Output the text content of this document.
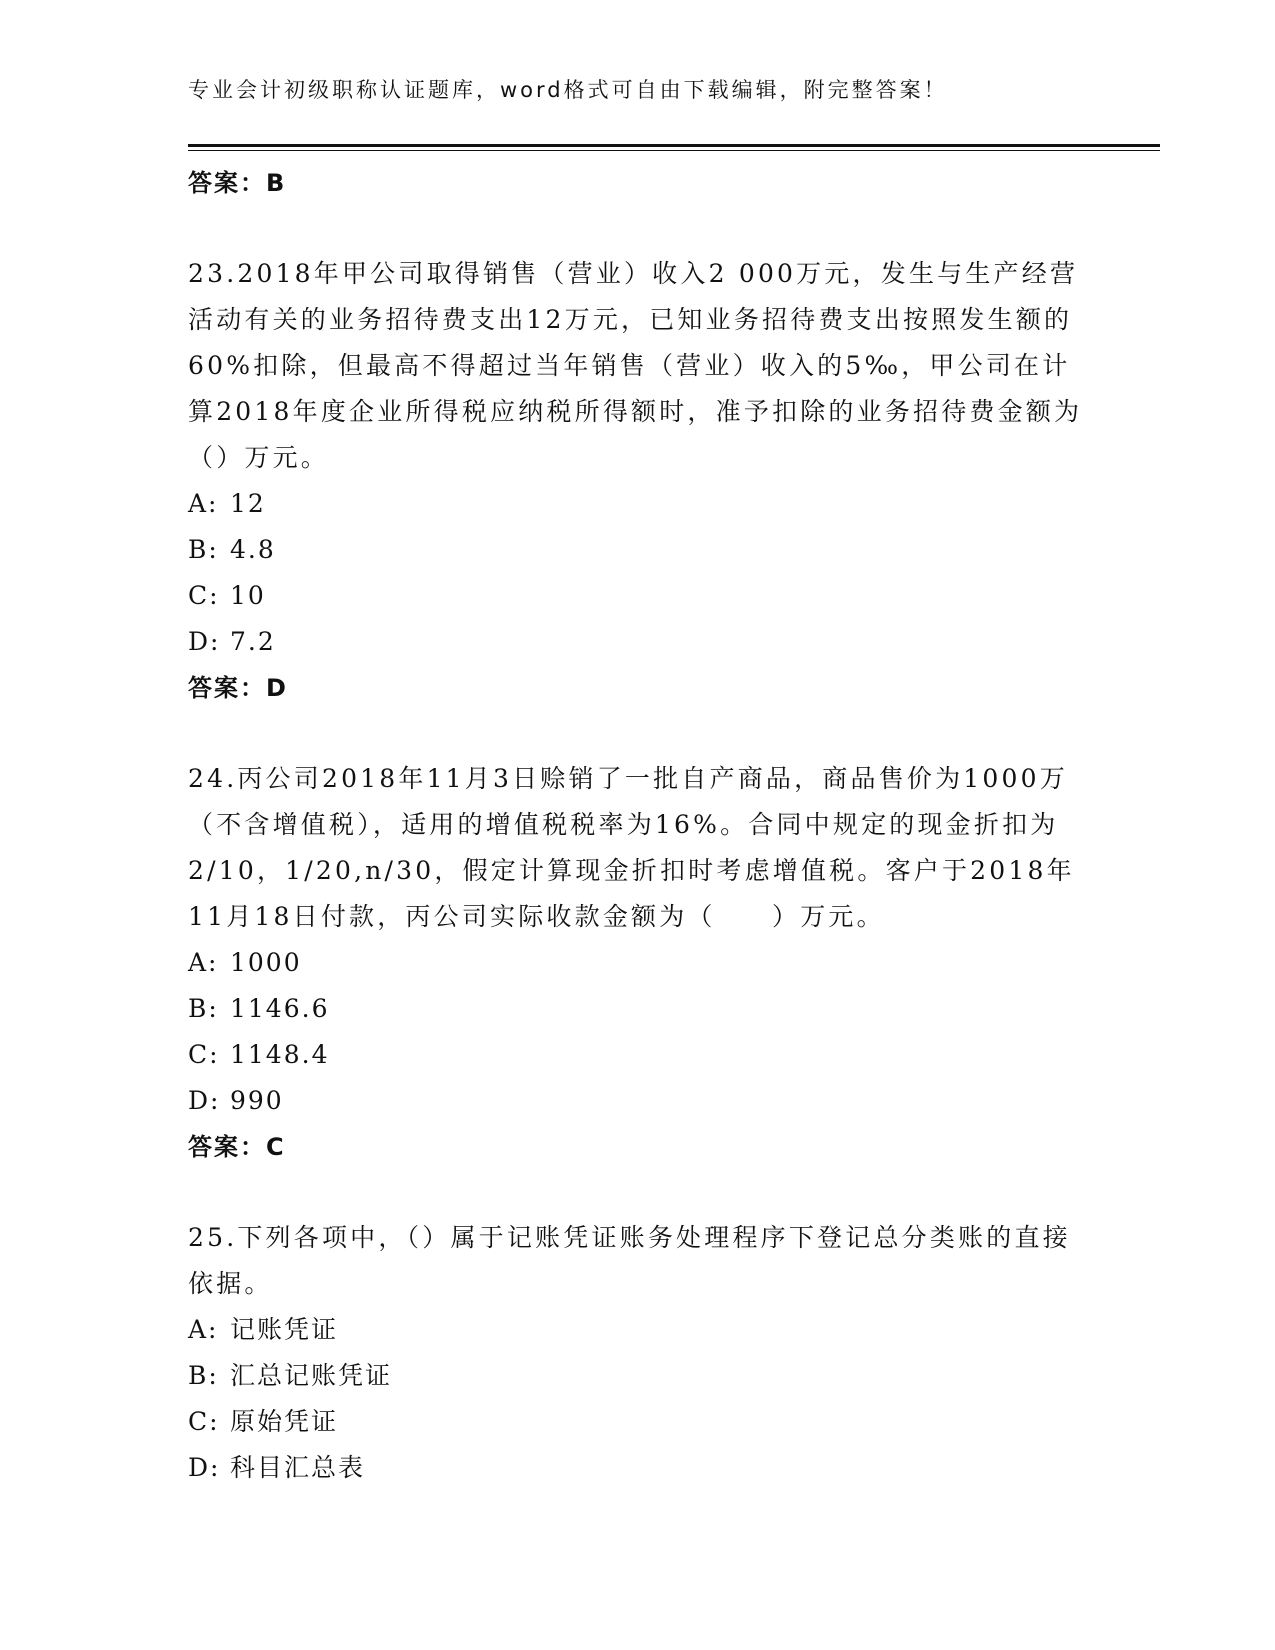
专业会计初级职称认证题库，word格式可自由下载编辑，附完整答案！

答案：B

23.2018年甲公司取得销售（营业）收入2 000万元，发生与生产经营活动有关的业务招待费支出12万元，已知业务招待费支出按照发生额的60%扣除，但最高不得超过当年销售（营业）收入的5‰，甲公司在计算2018年度企业所得税应纳税所得额时，准予扣除的业务招待费金额为（）万元。

A: 12

B: 4.8

C: 10

D: 7.2

答案：D

24.丙公司2018年11月3日赊销了一批自产商品，商品售价为1000万（不含增值税），适用的增值税税率为16%。合同中规定的现金折扣为2/10，1/20,n/30，假定计算现金折扣时考虑增值税。客户于2018年11月18日付款，丙公司实际收款金额为（　　）万元。

A: 1000

B: 1146.6

C: 1148.4

D: 990

答案：C

25.下列各项中，（）属于记账凭证账务处理程序下登记总分类账的直接依据。

A: 记账凭证

B: 汇总记账凭证

C: 原始凭证

D: 科目汇总表
